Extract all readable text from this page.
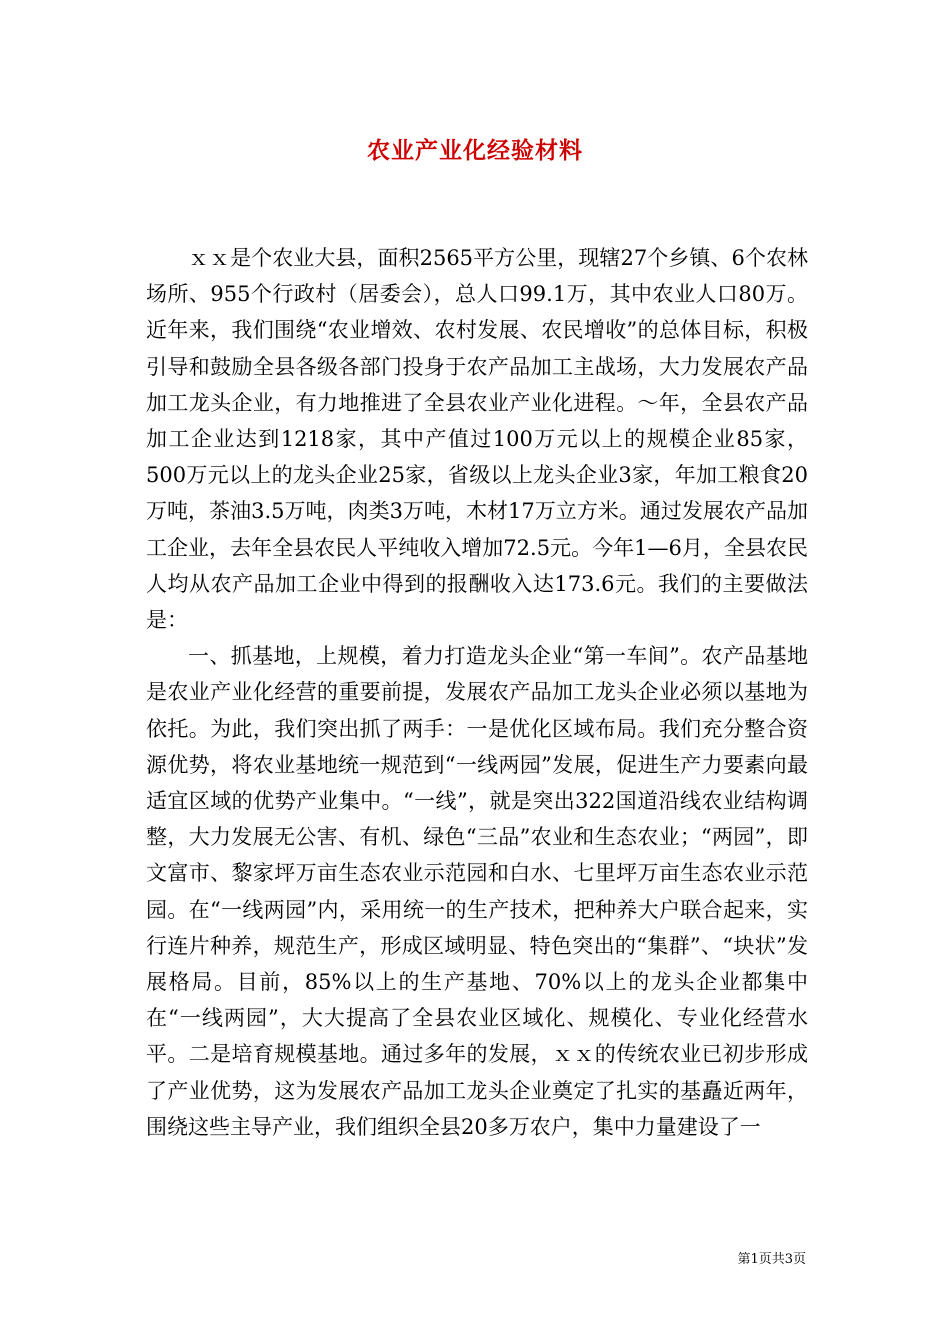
农业产业化经验材料

ｘｘ是个农业大县，面积2565平方公里，现辖27个乡镇、6个农林场所、955个行政村（居委会），总人口99.1万，其中农业人口80万。近年来，我们围绕“农业增效、农村发展、农民增收”的总体目标，积极引导和鼓励全县各级各部门投身于农产品加工主战场，大力发展农产品加工龙头企业，有力地推进了全县农业产业化进程。～年，全县农产品加工企业达到1218家，其中产值过100万元以上的规模企业85家，500万元以上的龙头企业25家，省级以上龙头企业3家，年加工粮食20万吨，茶油3.5万吨，肉类3万吨，木材17万立方米。通过发展农产品加工企业，去年全县农民人平纯收入增加72.5元。今年1—6月，全县农民人均从农产品加工企业中得到的报酬收入达173.6元。我们的主要做法是：

一、抓基地，上规模，着力打造龙头企业“第一车间”。农产品基地是农业产业化经营的重要前提，发展农产品加工龙头企业必须以基地为依托。为此，我们突出抓了两手：一是优化区域布局。我们充分整合资源优势，将农业基地统一规范到“一线两园”发展，促进生产力要素向最适宜区域的优势产业集中。“一线”，就是突出322国道沿线农业结构调整，大力发展无公害、有机、绿色“三品”农业和生态农业；“两园”，即文富市、黎家坪万亩生态农业示范园和白水、七里坪万亩生态农业示范园。在“一线两园”内，采用统一的生产技术，把种养大户联合起来，实行连片种养，规范生产，形成区域明显、特色突出的“集群”、“块状”发展格局。目前，85%以上的生产基地、70%以上的龙头企业都集中在“一线两园”，大大提高了全县农业区域化、规模化、专业化经营水平。二是培育规模基地。通过多年的发展，ｘｘ的传统农业已初步形成了产业优势，这为发展农产品加工龙头企业奠定了扎实的基矗近两年，围绕这些主导产业，我们组织全县20多万农户，集中力量建设了一

第1页共3页
